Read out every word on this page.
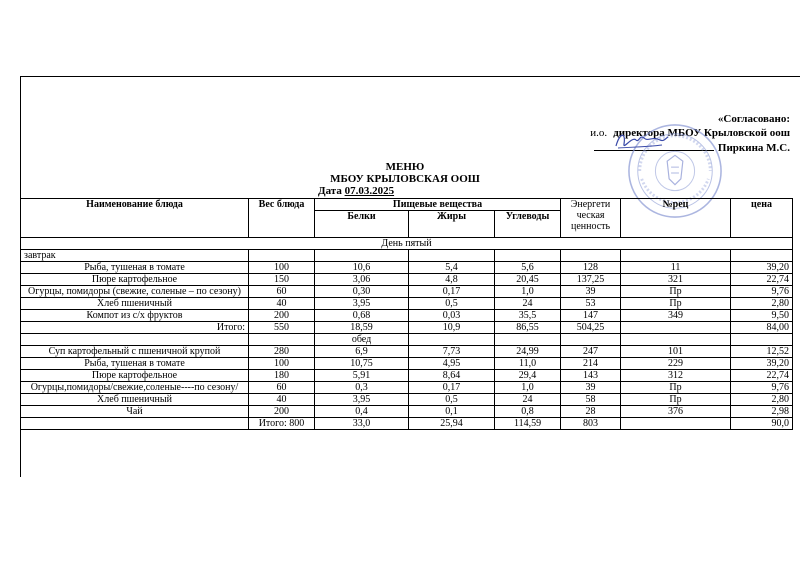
«Согласовано:
и.о. директора МБОУ Крыловской оош
Пиркина М.С.
МЕНЮ
МБОУ КРЫЛОВСКАЯ ООШ
Дата 07.03.2025
Наименование блюда	Вес блюда	Пищевые вещества			Энергети ческая ценность	№рец	цена
		Белки	Жиры	Углеводы			
День пятый							
завтрак							
Рыба, тушеная в томате	100	10,6	5,4	5,6	128	11	39,20
Пюре картофельное	150	3,06	4,8	20,45	137,25	321	22,74
Огурцы, помидоры (свежие, соленые – по сезону)	60	0,30	0,17	1,0	39	Пр	9,76
Хлеб пшеничный	40	3,95	0,5	24	53	Пр	2,80
Компот из с/х фруктов	200	0,68	0,03	35,5	147	349	9,50
Итого:	550	18,59	10,9	86,55	504,25		84,00
		обед					
Суп картофельный с пшеничной крупой	280	6,9	7,73	24,99	247	101	12,52
Рыба, тушеная в томате	100	10,75	4,95	11,0	214	229	39,20
Пюре картофельное	180	5,91	8,64	29,4	143	312	22,74
Огурцы,помидоры/свежие,соленые----по сезону/	60	0,3	0,17	1,0	39	Пр	9,76
Хлеб пшеничный	40	3,95	0,5	24	58	Пр	2,80
Чай	200	0,4	0,1	0,8	28	376	2,98
	Итого: 800	33,0	25,94	114,59	803		90,0
